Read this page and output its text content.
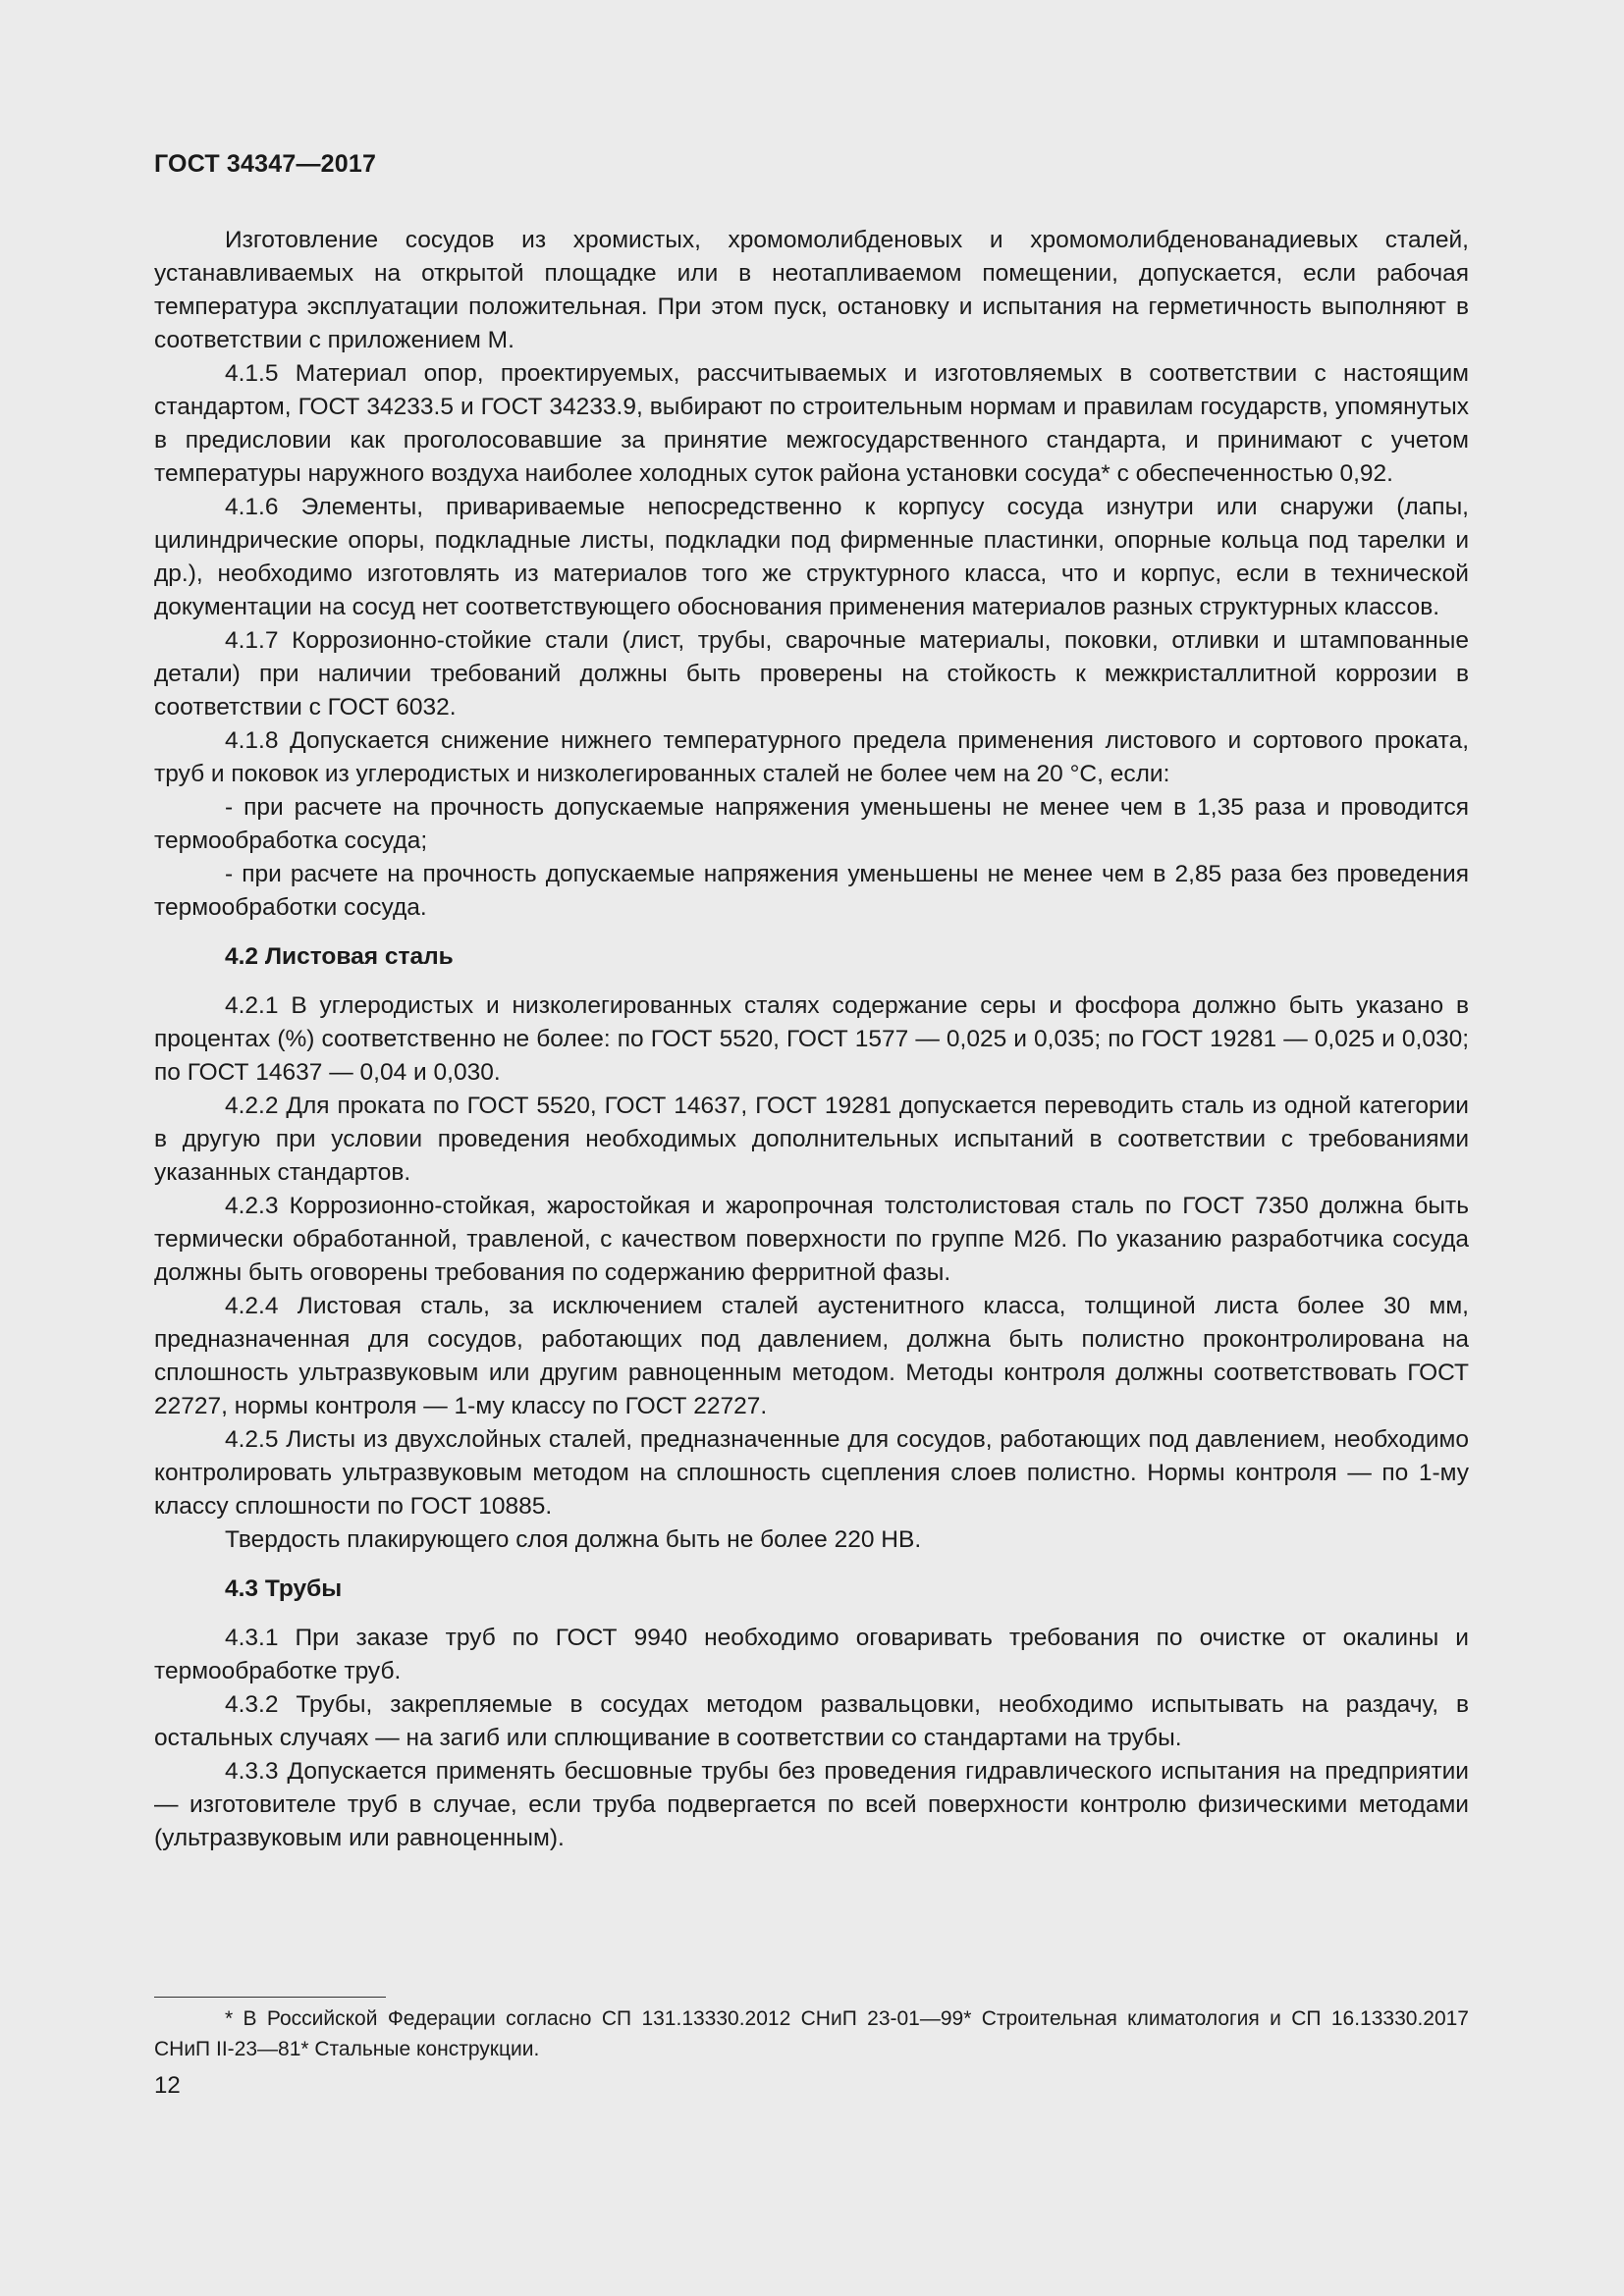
ГОСТ 34347—2017

Изготовление сосудов из хромистых, хромомолибденовых и хромомолибденованадиевых сталей, устанавливаемых на открытой площадке или в неотапливаемом помещении, допускается, если рабочая температура эксплуатации положительная. При этом пуск, остановку и испытания на герметичность выполняют в соответствии с приложением М.

4.1.5 Материал опор, проектируемых, рассчитываемых и изготовляемых в соответствии с настоящим стандартом, ГОСТ 34233.5 и ГОСТ 34233.9, выбирают по строительным нормам и правилам государств, упомянутых в предисловии как проголосовавшие за принятие межгосударственного стандарта, и принимают с учетом температуры наружного воздуха наиболее холодных суток района установки сосуда* с обеспеченностью 0,92.

4.1.6 Элементы, привариваемые непосредственно к корпусу сосуда изнутри или снаружи (лапы, цилиндрические опоры, подкладные листы, подкладки под фирменные пластинки, опорные кольца под тарелки и др.), необходимо изготовлять из материалов того же структурного класса, что и корпус, если в технической документации на сосуд нет соответствующего обоснования применения материалов разных структурных классов.

4.1.7 Коррозионно-стойкие стали (лист, трубы, сварочные материалы, поковки, отливки и штампованные детали) при наличии требований должны быть проверены на стойкость к межкристаллитной коррозии в соответствии с ГОСТ 6032.

4.1.8 Допускается снижение нижнего температурного предела применения листового и сортового проката, труб и поковок из углеродистых и низколегированных сталей не более чем на 20 °С, если:

- при расчете на прочность допускаемые напряжения уменьшены не менее чем в 1,35 раза и проводится термообработка сосуда;

- при расчете на прочность допускаемые напряжения уменьшены не менее чем в 2,85 раза без проведения термообработки сосуда.

4.2 Листовая сталь

4.2.1 В углеродистых и низколегированных сталях содержание серы и фосфора должно быть указано в процентах (%) соответственно не более: по ГОСТ 5520, ГОСТ 1577 — 0,025 и 0,035; по ГОСТ 19281 — 0,025 и 0,030; по ГОСТ 14637 — 0,04 и 0,030.

4.2.2 Для проката по ГОСТ 5520, ГОСТ 14637, ГОСТ 19281 допускается переводить сталь из одной категории в другую при условии проведения необходимых дополнительных испытаний в соответствии с требованиями указанных стандартов.

4.2.3 Коррозионно-стойкая, жаростойкая и жаропрочная толстолистовая сталь по ГОСТ 7350 должна быть термически обработанной, травленой, с качеством поверхности по группе М2б. По указанию разработчика сосуда должны быть оговорены требования по содержанию ферритной фазы.

4.2.4 Листовая сталь, за исключением сталей аустенитного класса, толщиной листа более 30 мм, предназначенная для сосудов, работающих под давлением, должна быть полистно проконтролирована на сплошность ультразвуковым или другим равноценным методом. Методы контроля должны соответствовать ГОСТ 22727, нормы контроля — 1-му классу по ГОСТ 22727.

4.2.5 Листы из двухслойных сталей, предназначенные для сосудов, работающих под давлением, необходимо контролировать ультразвуковым методом на сплошность сцепления слоев полистно. Нормы контроля — по 1-му классу сплошности по ГОСТ 10885.

Твердость плакирующего слоя должна быть не более 220 НВ.

4.3 Трубы

4.3.1 При заказе труб по ГОСТ 9940 необходимо оговаривать требования по очистке от окалины и термообработке труб.

4.3.2 Трубы, закрепляемые в сосудах методом развальцовки, необходимо испытывать на раздачу, в остальных случаях — на загиб или сплющивание в соответствии со стандартами на трубы.

4.3.3 Допускается применять бесшовные трубы без проведения гидравлического испытания на предприятии — изготовителе труб в случае, если труба подвергается по всей поверхности контролю физическими методами (ультразвуковым или равноценным).

* В Российской Федерации согласно СП 131.13330.2012 СНиП 23-01—99* Строительная климатология и СП 16.13330.2017 СНиП II-23—81* Стальные конструкции.

12
